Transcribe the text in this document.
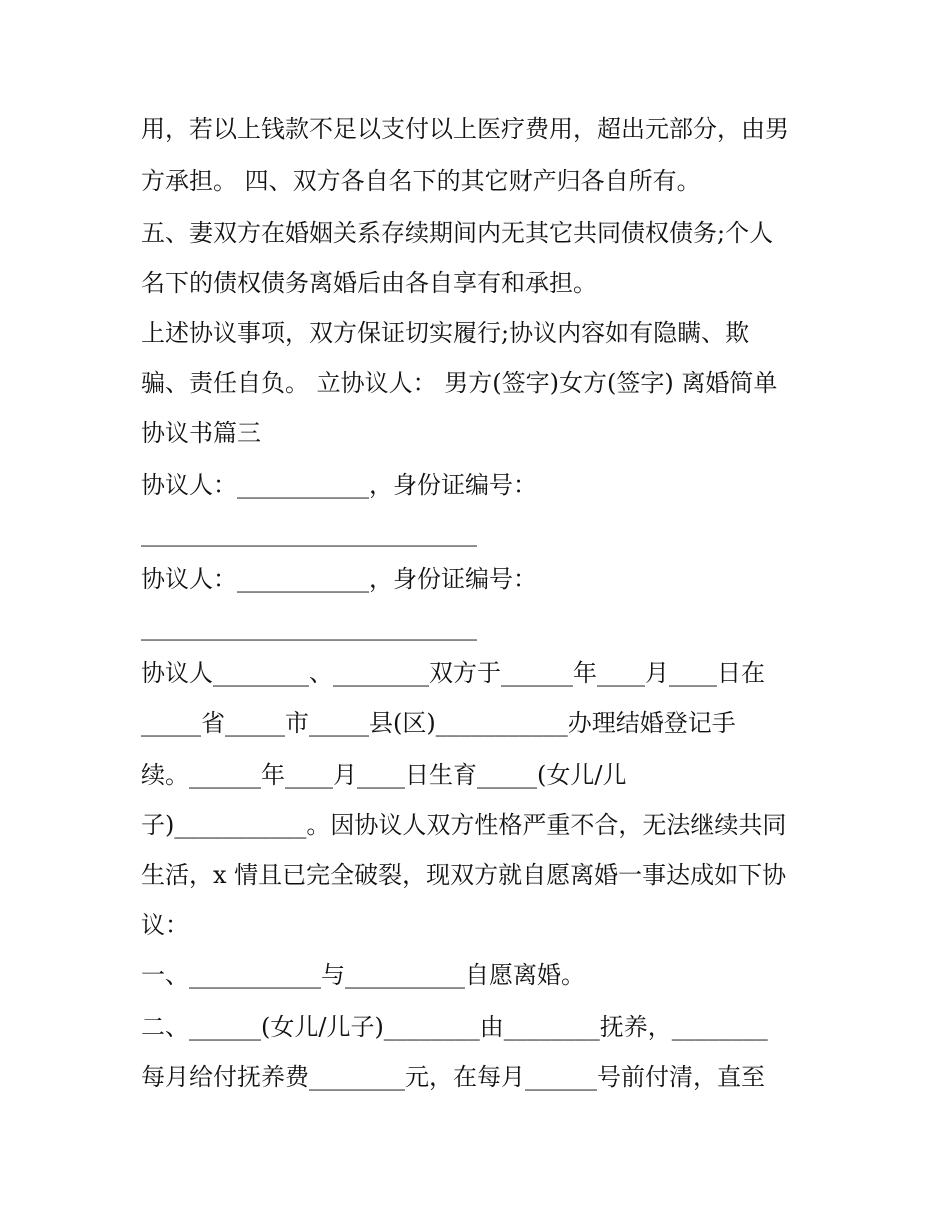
用，若以上钱款不足以支付以上医疗费用，超出元部分，由男
方承担。 四、双方各自名下的其它财产归各自所有。
五、妻双方在婚姻关系存续期间内无其它共同债权债务;个人
名下的债权债务离婚后由各自享有和承担。
上述协议事项，双方保证切实履行;协议内容如有隐瞒、欺
骗、责任自负。 立协议人： 男方(签字)女方(签字) 离婚简单
协议书篇三
协议人：___________，身份证编号：
____________________________
协议人：___________，身份证编号：
____________________________
协议人________、________双方于______年____月____日在
_____省_____市_____县(区)___________办理结婚登记手
续。______年____月____日生育_____(女儿/儿
子)___________。因协议人双方性格严重不合，无法继续共同
生活，x 情且已完全破裂，现双方就自愿离婚一事达成如下协
议：
一、___________与__________自愿离婚。
二、______(女儿/儿子)________由________抚养，________
每月给付抚养费________元，在每月______号前付清，直至
